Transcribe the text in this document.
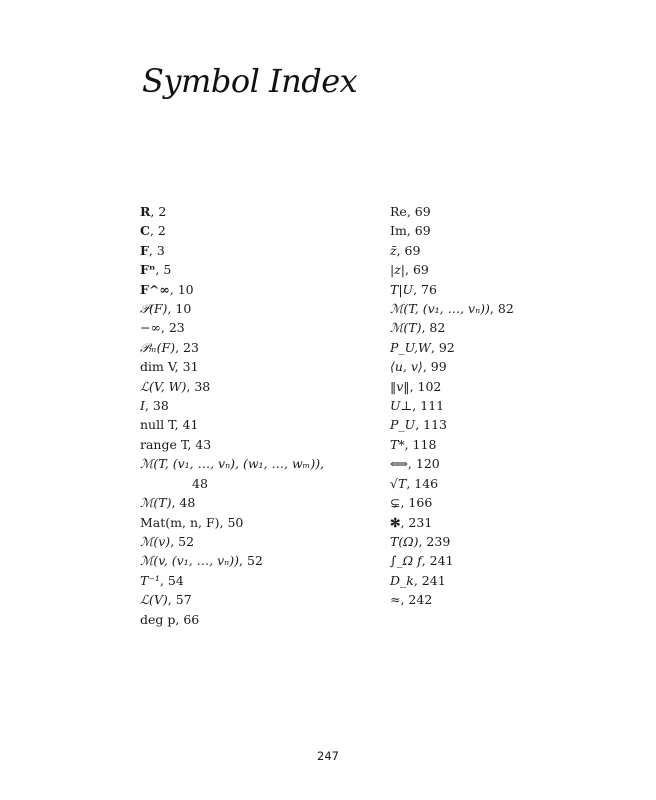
Symbol Index
R, 2
C, 2
F, 3
Fⁿ, 5
F^∞, 10
𝒫(F), 10
−∞, 23
𝒫ₘ(F), 23
dim V, 31
ℒ(V, W), 38
I, 38
null T, 41
range T, 43
ℳ(T, (v₁, …, vₙ), (w₁, …, wₘ)),
48
ℳ(T), 48
Mat(m, n, F), 50
ℳ(v), 52
ℳ(v, (v₁, …, vₙ)), 52
T⁻¹, 54
ℒ(V), 57
deg p, 66
Re, 69
Im, 69
z̄, 69
|z|, 69
T|U, 76
ℳ(T, (v₁, …, vₙ)), 82
ℳ(T), 82
P_U,W, 92
⟨u, v⟩, 99
‖v‖, 102
U⊥, 111
P_U, 113
T*, 118
⟺, 120
√T, 146
⊊, 166
✻, 231
T(Ω), 239
∫_Ω f, 241
D_k, 241
≈, 242
247
